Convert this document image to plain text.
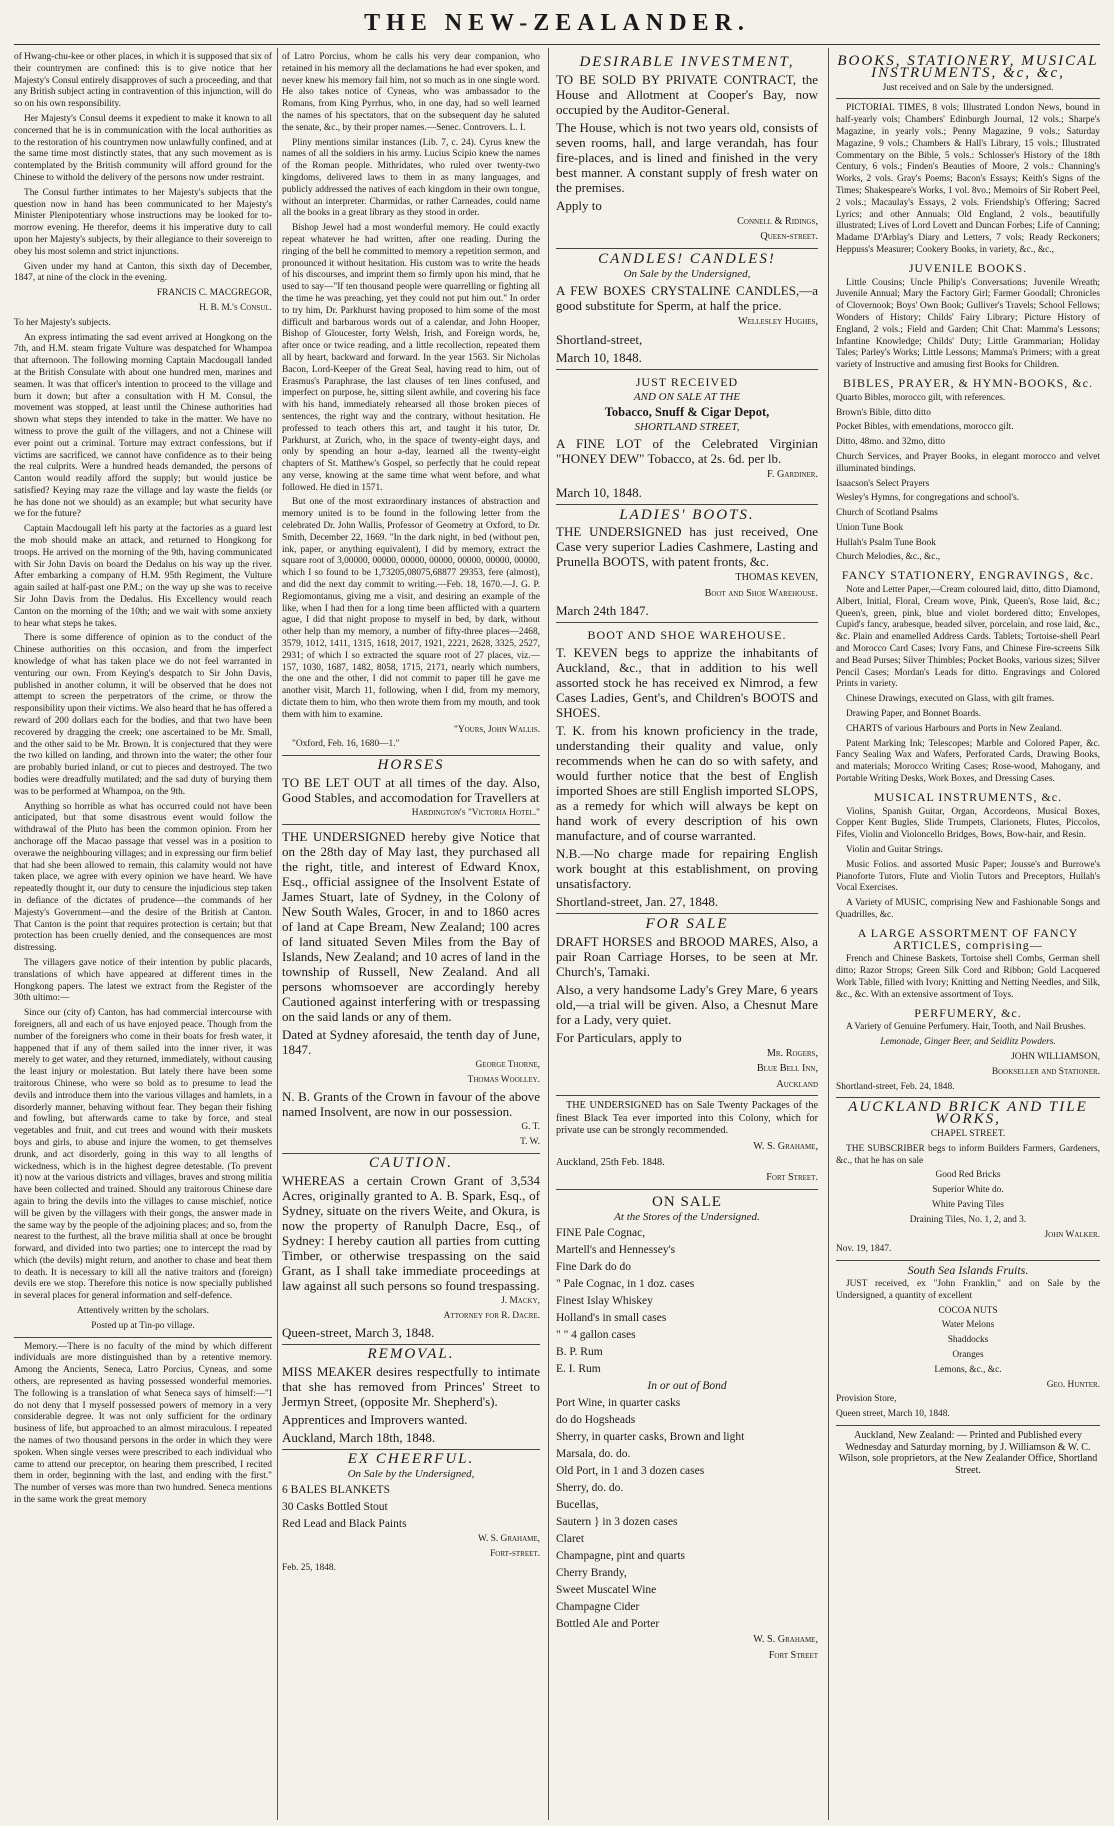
THE NEW-ZEALANDER.

of Hwang-chu-kee or other places, in which it is supposed that six of their countrymen are confined: this is to give notice that her Majesty's Consul entirely disapproves of such a proceeding, and that any British subject acting in contravention of this injunction, will do so on his own responsibility.

Her Majesty's Consul deems it expedient to make it known to all concerned that he is in communication with the local authorities as to the restoration of his countrymen now unlawfully confined, and at the same time most distinctly states, that any such movement as is contemplated by the British community will afford ground for the Chinese to withold the delivery of the persons now under restraint.

The Consul further intimates to her Majesty's subjects that the question now in hand has been communicated to her Majesty's Minister Plenipotentiary whose instructions may be looked for to-morrow evening. He therefor, deems it his imperative duty to call upon her Majesty's subjects, by their allegiance to their sovereign to obey his most solemn and strict injunctions.

Given under my hand at Canton, this sixth day of December, 1847, at nine of the clock in the evening.

FRANCIS C. MACGREGOR,

H. B. M.'s Consul.

To her Majesty's subjects.

An express intimating the sad event arrived at Hongkong on the 7th, and H.M. steam frigate Vulture was despatched for Whampoa that afternoon. The following morning Captain Macdougall landed at the British Consulate with about one hundred men, marines and seamen. It was that officer's intention to proceed to the village and burn it down; but after a consultation with H M. Consul, the movement was stopped, at least until the Chinese authorities had shown what steps they intended to take in the matter. We have no witness to prove the guilt of the villagers, and not a Chinese will ever point out a criminal. Torture may extract confessions, but if victims are sacrificed, we cannot have confidence as to their being the real culprits. Were a hundred heads demanded, the persons of Canton would readily afford the supply; but would justice be satisfied? Keying may raze the village and lay waste the fields (or he has done not we should) as an example; but what security have we for the future?

Captain Macdougall left his party at the factories as a guard lest the mob should make an attack, and returned to Hongkong for troops. He arrived on the morning of the 9th, having communicated with Sir John Davis on board the Dedalus on his way up the river. After embarking a company of H.M. 95th Regiment, the Vulture again sailed at half-past one P.M.; on the way up she was to receive Sir John Davis from the Dedalus. His Excellency would reach Canton on the morning of the 10th; and we wait with some anxiety to hear what steps he takes.

There is some difference of opinion as to the conduct of the Chinese authorities on this occasion, and from the imperfect knowledge of what has taken place we do not feel warranted in venturing our own. From Keying's despatch to Sir John Davis, published in another column, it will be observed that he does not attempt to screen the perpetrators of the crime, or throw the responsibility upon their victims. We also heard that he has offered a reward of 200 dollars each for the bodies, and that two have been recovered by dragging the creek; one ascertained to be Mr. Small, and the other said to be Mr. Brown. It is conjectured that they were the two killed on landing, and thrown into the water; the other four are probably buried inland, or cut to pieces and destroyed. The two bodies were dreadfully mutilated; and the sad duty of burying them was to be performed at Whampoa, on the 9th.

Anything so horrible as what has occurred could not have been anticipated, but that some disastrous event would follow the withdrawal of the Pluto has been the common opinion. From her anchorage off the Macao passage that vessel was in a position to overawe the neighbouring villages; and in expressing our firm belief that had she been allowed to remain, this calamity would not have taken place, we agree with every opinion we have heard. We have repeatedly thought it, our duty to censure the injudicious step taken in defiance of the dictates of prudence—the commands of her Majesty's Government—and the desire of the British at Canton. That Canton is the point that requires protection is certain; but that protection has been cruelly denied, and the consequences are most distressing.

The villagers gave notice of their intention by public placards, translations of which have appeared at different times in the Hongkong papers. The latest we extract from the Register of the 30th ultimo:—

Since our (city of) Canton, has had commercial intercourse with foreigners, all and each of us have enjoyed peace. Though from the number of the foreigners who come in their boats for fresh water, it happened that if any of them sailed into the inner river, it was merely to get water, and they returned, immediately, without causing the least injury or molestation. But lately there have been some traitorous Chinese, who were so bold as to presume to lead the devils and introduce them into the various villages and hamlets, in a disorderly manner, behaving without fear. They began their fishing and fowling, but afterwards came to take by force, and steal vegetables and fruit, and cut trees and wound with their muskets boys and girls, to abuse and injure the women, to get themselves drunk, and act disorderly, going in this way to all lengths of wickedness, which is in the highest degree detestable. (To prevent it) now at the various districts and villages, braves and strong militia have been collected and trained. Should any traitorous Chinese dare again to bring the devils into the villages to cause mischief, notice will be given by the villagers with their gongs, the answer made in the same way by the people of the adjoining places; and so, from the nearest to the furthest, all the brave militia shall at once be brought forward, and divided into two parties; one to intercept the road by which (the devils) might return, and another to chase and beat them to death. It is necessary to kill all the native traitors and (foreign) devils ere we stop. Therefore this notice is now specially published in several places for general information and self-defence.

Attentively written by the scholars.

Posted up at Tin-po village.

Memory.—There is no faculty of the mind by which different individuals are more distinguished than by a retentive memory. Among the Ancients, Seneca, Latro Porcius, Cyneas, and some others, are represented as having possessed wonderful memories. The following is a translation of what Seneca says of himself:—"I do not deny that I myself possessed powers of memory in a very considerable degree. It was not only sufficient for the ordinary business of life, but approached to an almost miraculous. I repeated the names of two thousand persons in the order in which they were spoken. When single verses were prescribed to each individual who came to attend our preceptor, on hearing them prescribed, I recited them in order, beginning with the last, and ending with the first." The number of verses was more than two hundred. Seneca mentions in the same work the great memory

of Latro Porcius, whom he calls his very dear companion, who retained in his memory all the declamations he had ever spoken, and never knew his memory fail him, not so much as in one single word. He also takes notice of Cyneas, who was ambassador to the Romans, from King Pyrrhus, who, in one day, had so well learned the names of his spectators, that on the subsequent day he saluted the senate, &c., by their proper names.—Senec. Controvers. L. I.

Pliny mentions similar instances (Lib. 7, c. 24). Cyrus knew the names of all the soldiers in his army. Lucius Scipio knew the names of the Roman people. Mithridates, who ruled over twenty-two kingdoms, delivered laws to them in as many languages, and publicly addressed the natives of each kingdom in their own tongue, without an interpreter. Charmidas, or rather Carneades, could name all the books in a great library as they stood in order.

Bishop Jewel had a most wonderful memory. He could exactly repeat whatever he had written, after one reading. During the ringing of the bell he committed to memory a repetition sermon, and pronounced it without hesitation. His custom was to write the heads of his discourses, and imprint them so firmly upon his mind, that he used to say—"If ten thousand people were quarrelling or fighting all the time he was preaching, yet they could not put him out." In order to try him, Dr. Parkhurst having proposed to him some of the most difficult and barbarous words out of a calendar, and John Hooper, Bishop of Gloucester, forty Welsh, Irish, and Foreign words, he, after once or twice reading, and a little recollection, repeated them all by heart, backward and forward. In the year 1563. Sir Nicholas Bacon, Lord-Keeper of the Great Seal, having read to him, out of Erasmus's Paraphrase, the last clauses of ten lines confused, and imperfect on purpose, he, sitting silent awhile, and covering his face with his hand, immediately rehearsed all those broken pieces of sentences, the right way and the contrary, without hesitation. He professed to teach others this art, and taught it his tutor, Dr. Parkhurst, at Zurich, who, in the space of twenty-eight days, and only by spending an hour a-day, learned all the twenty-eight chapters of St. Matthew's Gospel, so perfectly that he could repeat any verse, knowing at the same time what went before, and what followed. He died in 1571.

But one of the most extraordinary instances of abstraction and memory united is to be found in the following letter from the celebrated Dr. John Wallis, Professor of Geometry at Oxford, to Dr. Smith, December 22, 1669. "In the dark night, in bed (without pen, ink, paper, or anything equivalent), I did by memory, extract the square root of 3,00000, 00000, 00000, 00000, 00000, 00000, 00000, which I so found to be 1,73205,08075,68877 29353, fere (almost), and did the next day commit to writing.—Feb. 18, 1670.—J. G. P. Regiomontanus, giving me a visit, and desiring an example of the like, when I had then for a long time been afflicted with a quartern ague, I did that night propose to myself in bed, by dark, without other help than my memory, a number of fifty-three places—2468, 3579, 1012, 1411, 1315, 1618, 2017, 1921, 2221, 2628, 3325, 2527, 2931; of which I so extracted the square root of 27 places, viz.—157, 1030, 1687, 1482, 8058, 1715, 2171, nearly which numbers, the one and the other, I did not commit to paper till he gave me another visit, March 11, following, when I did, from my memory, dictate them to him, who then wrote them from my mouth, and took them with him to examine.

"Yours, John Wallis.

"Oxford, Feb. 16, 1680—1."

HORSES

TO BE LET OUT at all times of the day. Also, Good Stables, and accomodation for Travellers at

Hardington's "Victoria Hotel."

THE UNDERSIGNED hereby give Notice that on the 28th day of May last, they purchased all the right, title, and interest of Edward Knox, Esq., official assignee of the Insolvent Estate of James Stuart, late of Sydney, in the Colony of New South Wales, Grocer, in and to 1860 acres of land at Cape Bream, New Zealand; 100 acres of land situated Seven Miles from the Bay of Islands, New Zealand; and 10 acres of land in the township of Russell, New Zealand. And all persons whomsoever are accordingly hereby Cautioned against interfering with or trespassing on the said lands or any of them.

Dated at Sydney aforesaid, the tenth day of June, 1847.

George Thorne,

Thomas Woolley.

N. B. Grants of the Crown in favour of the above named Insolvent, are now in our possession.

G. T.

T. W.

CAUTION.

WHEREAS a certain Crown Grant of 3,534 Acres, originally granted to A. B. Spark, Esq., of Sydney, situate on the rivers Weite, and Okura, is now the property of Ranulph Dacre, Esq., of Sydney: I hereby caution all parties from cutting Timber, or otherwise trespassing on the said Grant, as I shall take immediate proceedings at law against all such persons so found trespassing.

J. Macky,

Attorney for R. Dacre.

Queen-street, March 3, 1848.

REMOVAL.

MISS MEAKER desires respectfully to intimate that she has removed from Princes' Street to Jermyn Street, (opposite Mr. Shepherd's).

Apprentices and Improvers wanted.

Auckland, March 18th, 1848.

EX CHEERFUL.

On Sale by the Undersigned,

6 BALES BLANKETS

30 Casks Bottled Stout

Red Lead and Black Paints

W. S. Grahame,

Fort-street.

Feb. 25, 1848.

DESIRABLE INVESTMENT,

TO BE SOLD BY PRIVATE CONTRACT, the House and Allotment at Cooper's Bay, now occupied by the Auditor-General.

The House, which is not two years old, consists of seven rooms, hall, and large verandah, has four fire-places, and is lined and finished in the very best manner. A constant supply of fresh water on the premises.

Apply to

Connell & Ridings,

Queen-street.

CANDLES! CANDLES!

On Sale by the Undersigned,

A FEW BOXES CRYSTALINE CANDLES,—a good substitute for Sperm, at half the price.

Wellesley Hughes,

Shortland-street,

March 10, 1848.

JUST RECEIVED

AND ON SALE AT THE

Tobacco, Snuff & Cigar Depot,

SHORTLAND STREET,

A FINE LOT of the Celebrated Virginian "HONEY DEW" Tobacco, at 2s. 6d. per lb.

F. Gardiner.

March 10, 1848.

LADIES' BOOTS.

THE UNDERSIGNED has just received, One Case very superior Ladies Cashmere, Lasting and Prunella BOOTS, with patent fronts, &c.

THOMAS KEVEN,

Boot and Shoe Warehouse.

March 24th 1847.

BOOT AND SHOE WAREHOUSE.

T. KEVEN begs to apprize the inhabitants of Auckland, &c., that in addition to his well assorted stock he has received ex Nimrod, a few Cases Ladies, Gent's, and Children's BOOTS and SHOES.

T. K. from his known proficiency in the trade, understanding their quality and value, only recommends when he can do so with safety, and would further notice that the best of English imported Shoes are still English imported SLOPS, as a remedy for which will always be kept on hand work of every description of his own manufacture, and of course warranted.

N.B.—No charge made for repairing English work bought at this establishment, on proving unsatisfactory.

Shortland-street, Jan. 27, 1848.

FOR SALE

DRAFT HORSES and BROOD MARES, Also, a pair Roan Carriage Horses, to be seen at Mr. Church's, Tamaki.

Also, a very handsome Lady's Grey Mare, 6 years old,—a trial will be given. Also, a Chesnut Mare for a Lady, very quiet.

For Particulars, apply to

Mr. Rogers,

Blue Bell Inn,

Auckland

THE UNDERSIGNED has on Sale Twenty Packages of the finest Black Tea ever imported into this Colony, which for private use can be strongly recommended.

W. S. Grahame,

Auckland, 25th Feb. 1848.

Fort Street.

ON SALE

At the Stores of the Undersigned.

FINE Pale Cognac,

Martell's and Hennessey's

Fine Dark do do

" Pale Cognac, in 1 doz. cases

Finest Islay Whiskey

Holland's in small cases

" " 4 gallon cases

B. P. Rum

E. I. Rum

In or out of Bond

Port Wine, in quarter casks

do do Hogsheads

Sherry, in quarter casks, Brown and light

Marsala, do. do.

Old Port, in 1 and 3 dozen cases

Sherry, do. do.

Bucellas,

Sautern } in 3 dozen cases

Claret

Champagne, pint and quarts

Cherry Brandy,

Sweet Muscatel Wine

Champagne Cider

Bottled Ale and Porter

W. S. Grahame,

Fort Street

BOOKS, STATIONERY, MUSICAL INSTRUMENTS, &c, &c,

Just received and on Sale by the undersigned.

PICTORIAL TIMES, 8 vols; Illustrated London News, bound in half-yearly vols; Chambers' Edinburgh Journal, 12 vols.; Sharpe's Magazine, in yearly vols.; Penny Magazine, 9 vols.; Saturday Magazine, 9 vols.; Chambers & Hall's Library, 15 vols.; Illustrated Commentary on the Bible, 5 vols.: Schlosser's History of the 18th Century, 6 vols.; Finden's Beauties of Moore, 2 vols.: Channing's Works, 2 vols. Gray's Poems; Bacon's Essays; Keith's Signs of the Times; Shakespeare's Works, 1 vol. 8vo.; Memoirs of Sir Robert Peel, 2 vols.; Macaulay's Essays, 2 vols. Friendship's Offering; Sacred Lyrics; and other Annuals; Old England, 2 vols., beautifully illustrated; Lives of Lord Lovett and Duncan Forbes; Life of Canning; Madame D'Arblay's Diary and Letters, 7 vols; Ready Reckoners; Heppuss's Measurer; Cookery Books, in variety, &c., &c.,

JUVENILE BOOKS.

Little Cousins; Uncle Philip's Conversations; Juvenile Wreath; Juvenile Annual; Mary the Factory Girl; Farmer Goodall; Chronicles of Clovernook; Boys' Own Book; Gulliver's Travels; School Fellows; Wonders of History; Childs' Fairy Library; Picture History of England, 2 vols.; Field and Garden; Chit Chat: Mamma's Lessons; Infantine Knowledge; Childs' Duty; Little Grammarian; Holiday Tales; Parley's Works; Little Lessons; Mamma's Primers; with a great variety of Instructive and amusing first Books for Children.

BIBLES, PRAYER, & HYMN-BOOKS, &c.

Quarto Bibles, morocco gilt, with references.

Brown's Bible, ditto ditto

Pocket Bibles, with emendations, morocco gilt.

Ditto, 48mo. and 32mo, ditto

Church Services, and Prayer Books, in elegant morocco and velvet illuminated bindings.

Isaacson's Select Prayers

Wesley's Hymns, for congregations and school's.

Church of Scotland Psalms

Union Tune Book

Hullah's Psalm Tune Book

Church Melodies, &c., &c.,

FANCY STATIONERY, ENGRAVINGS, &c.

Note and Letter Paper,—Cream coloured laid, ditto, ditto Diamond, Albert, Initial, Floral, Cream wove, Pink, Queen's, Rose laid, &c.; Queen's, green, pink, blue and violet bordered ditto; Envelopes, Cupid's fancy, arabesque, beaded silver, porcelain, and rose laid, &c., &c. Plain and enamelled Address Cards. Tablets; Tortoise-shell Pearl and Morocco Card Cases; Ivory Fans, and Chinese Fire-screens Silk and Bead Purses; Silver Thimbles; Pocket Books, various sizes; Silver Pencil Cases; Mordan's Leads for ditto. Engravings and Colored Prints in variety.

Chinese Drawings, executed on Glass, with gilt frames.

Drawing Paper, and Bonnet Boards.

CHARTS of various Harbours and Ports in New Zealand.

Patent Marking Ink; Telescopes; Marble and Colored Paper, &c. Fancy Sealing Wax and Wafers, Perforated Cards, Drawing Books, and materials; Morocco Writing Cases; Rose-wood, Mahogany, and Portable Writing Desks, Work Boxes, and Dressing Cases.

MUSICAL INSTRUMENTS, &c.

Violins, Spanish Guitar, Organ, Accordeons, Musical Boxes, Copper Kent Bugles, Slide Trumpets, Clarionets, Flutes, Piccolos, Fifes, Violin and Violoncello Bridges, Bows, Bow-hair, and Resin.

Violin and Guitar Strings.

Music Folios. and assorted Music Paper; Jousse's and Burrowe's Pianoforte Tutors, Flute and Violin Tutors and Preceptors, Hullah's Vocal Exercises.

A Variety of MUSIC, comprising New and Fashionable Songs and Quadrilles, &c.

A LARGE ASSORTMENT OF FANCY ARTICLES, comprising—

French and Chinese Baskets, Tortoise shell Combs, German shell ditto; Razor Strops; Green Silk Cord and Ribbon; Gold Lacquered Work Table, filled with Ivory; Knitting and Netting Needles, and Silk, &c., &c. With an extensive assortment of Toys.

PERFUMERY, &c.

A Variety of Genuine Perfumery. Hair, Tooth, and Nail Brushes.

Lemonade, Ginger Beer, and Seidlitz Powders.

JOHN WILLIAMSON,

Bookseller and Stationer.

Shortland-street, Feb. 24, 1848.

AUCKLAND BRICK AND TILE WORKS,

CHAPEL STREET.

THE SUBSCRIBER begs to inform Builders Farmers, Gardeners, &c., that he has on sale

Good Red Bricks

Superior White do.

White Paving Tiles

Draining Tiles, No. 1, 2, and 3.

John Walker.

Nov. 19, 1847.

South Sea Islands Fruits.

JUST received, ex "John Franklin," and on Sale by the Undersigned, a quantity of excellent

COCOA NUTS

Water Melons

Shaddocks

Oranges

Lemons, &c., &c.

Geo. Hunter.

Provision Store,

Queen street, March 10, 1848.

Auckland, New Zealand: — Printed and Published every Wednesday and Saturday morning, by J. Williamson & W. C. Wilson, sole proprietors, at the New Zealander Office, Shortland Street.
